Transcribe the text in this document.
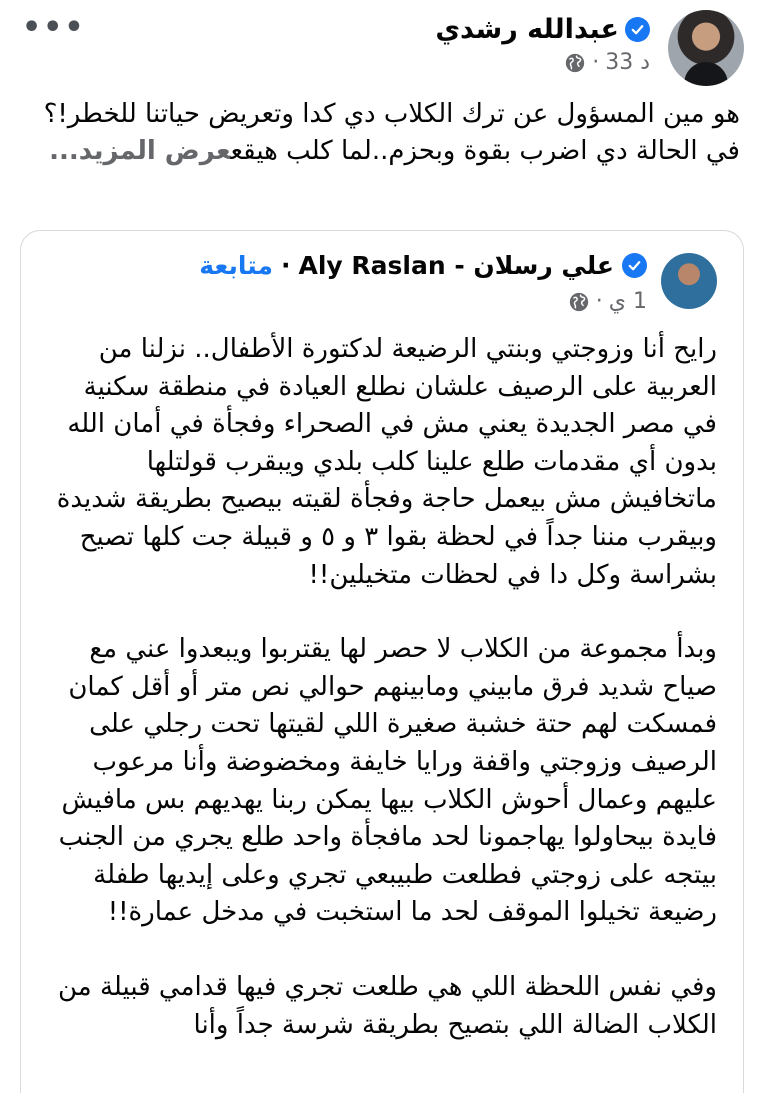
•••	عبدالله رشدي
33 د
·

هو مين المسؤول عن ترك الكلاب دي كدا وتعريض حياتنا للخطر!؟

في الحالة دي اضرب بقوة وبحزم..لما كلب هيقععرض المزيد...

علي رسلان - Aly Raslan
·
متابعة
1 ي
·

رايح أنا وزوجتي وبنتي الرضيعة لدكتورة الأطفال.. نزلنا من العربية على الرصيف علشان نطلع العيادة في منطقة سكنية في مصر الجديدة يعني مش في الصحراء وفجأة في أمان الله بدون أي مقدمات طلع علينا كلب بلدي ويبقرب قولتلها ماتخافيش مش بيعمل حاجة وفجأة لقيته بيصيح بطريقة شديدة وبيقرب مننا جداً في لحظة بقوا ٣ و ٥ و قبيلة جت كلها تصيح بشراسة وكل دا في لحظات متخيلين!!

وبدأ مجموعة من الكلاب لا حصر لها يقتربوا ويبعدوا عني مع صياح شديد فرق مابيني ومابينهم حوالي نص متر أو أقل كمان فمسكت لهم حتة خشبة صغيرة اللي لقيتها تحت رجلي على الرصيف وزوجتي واقفة ورايا خايفة ومخضوضة وأنا مرعوب عليهم وعمال أحوش الكلاب بيها يمكن ربنا يهديهم بس مافيش فايدة بيحاولوا يهاجمونا لحد مافجأة واحد طلع يجري من الجنب بيتجه على زوجتي فطلعت طبيبعي تجري وعلى إيديها طفلة رضيعة تخيلوا الموقف لحد ما استخبت في مدخل عمارة!!

وفي نفس اللحظة اللي هي طلعت تجري فيها قدامي قبيلة من الكلاب الضالة اللي بتصيح بطريقة شرسة جداً وأنا
